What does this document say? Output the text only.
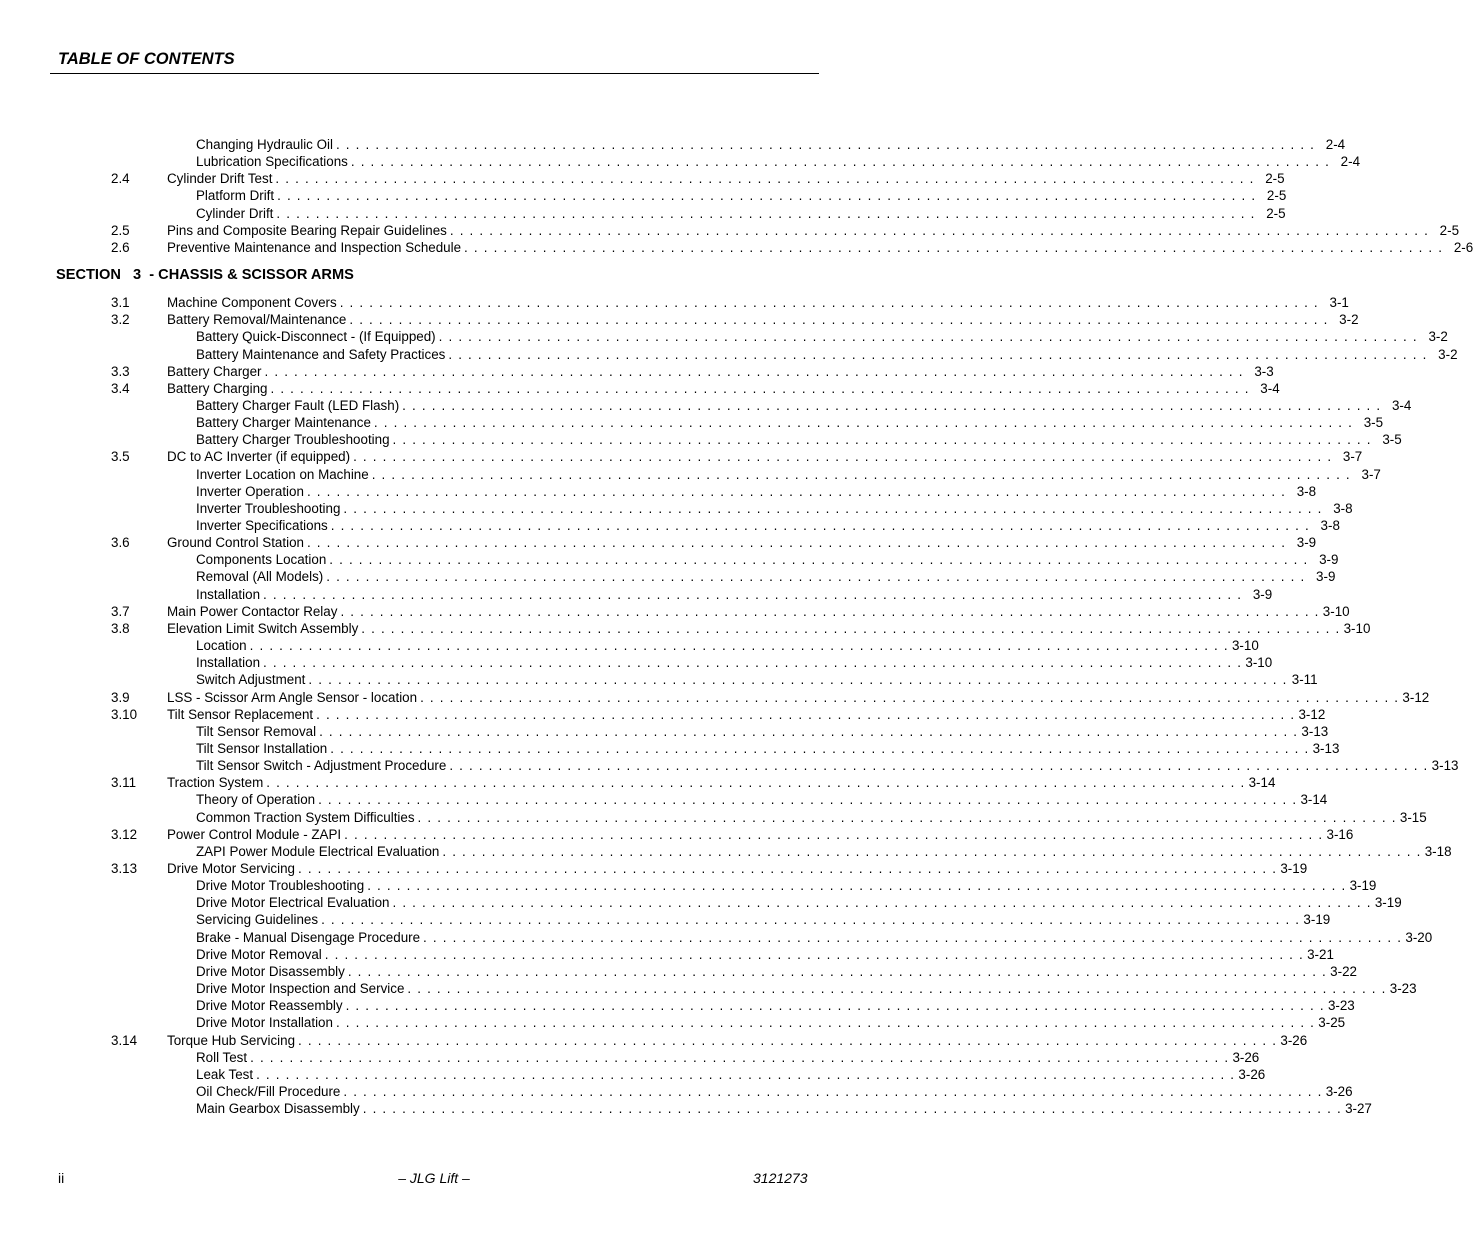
TABLE OF CONTENTS
Changing Hydraulic Oil . . . . . . . . . . . . . . . . . . . . . . . . . . . . . . . . . . . . . . . . . . . . . . . . . . . . . . . . . . . . . . . . . . . . . . . . . . . . . . . . . . . . . . . . . . . . . . . . . . . . 2-4
Lubrication Specifications . . . . . . . . . . . . . . . . . . . . . . . . . . . . . . . . . . . . . . . . . . . . . . . . . . . . . . . . . . . . . . . . . . . . . . . . . . . . . . . . . . . . . . . . . . . . . . . . . . . . 2-4
2.4	Cylinder Drift Test . . . . . . . . . . . . . . . . . . . . . . . . . . . . . . . . . . . . . . . . . . . . . . . . . . . . . . . . . . . . . . . . . . . . . . . . . . . . . . . . . . . . . . . . . . . . . . . . . . . . 2-5
Platform Drift . . . . . . . . . . . . . . . . . . . . . . . . . . . . . . . . . . . . . . . . . . . . . . . . . . . . . . . . . . . . . . . . . . . . . . . . . . . . . . . . . . . . . . . . . . . . . . . . . . . . 2-5
Cylinder Drift . . . . . . . . . . . . . . . . . . . . . . . . . . . . . . . . . . . . . . . . . . . . . . . . . . . . . . . . . . . . . . . . . . . . . . . . . . . . . . . . . . . . . . . . . . . . . . . . . . . . 2-5
2.5	Pins and Composite Bearing Repair Guidelines . . . . . . . . . . . . . . . . . . . . . . . . . . . . . . . . . . . . . . . . . . . . . . . . . . . . . . . . . . . . . . . . . . . . . . . . . . . . . . . . . . . . . . . . . . . . . . . . . . . . 2-5
2.6	Preventive Maintenance and Inspection Schedule . . . . . . . . . . . . . . . . . . . . . . . . . . . . . . . . . . . . . . . . . . . . . . . . . . . . . . . . . . . . . . . . . . . . . . . . . . . . . . . . . . . . . . . . . . . . . . . . . . . . 2-6
SECTION   3  - CHASSIS & SCISSOR ARMS
3.1	Machine Component Covers . . . . . . . . . . . . . . . . . . . . . . . . . . . . . . . . . . . . . . . . . . . . . . . . . . . . . . . . . . . . . . . . . . . . . . . . . . . . . . . . . . . . . . . . . . . . . . . . . . . . 3-1
3.2	Battery Removal/Maintenance . . . . . . . . . . . . . . . . . . . . . . . . . . . . . . . . . . . . . . . . . . . . . . . . . . . . . . . . . . . . . . . . . . . . . . . . . . . . . . . . . . . . . . . . . . . . . . . . . . . . 3-2
Battery Quick-Disconnect - (If Equipped) . . . . . . . . . . . . . . . . . . . . . . . . . . . . . . . . . . . . . . . . . . . . . . . . . . . . . . . . . . . . . . . . . . . . . . . . . . . . . . . . . . . . . . . . . . . . . . . . . . . . 3-2
Battery Maintenance and Safety Practices . . . . . . . . . . . . . . . . . . . . . . . . . . . . . . . . . . . . . . . . . . . . . . . . . . . . . . . . . . . . . . . . . . . . . . . . . . . . . . . . . . . . . . . . . . . . . . . . . . . . 3-2
3.3	Battery Charger . . . . . . . . . . . . . . . . . . . . . . . . . . . . . . . . . . . . . . . . . . . . . . . . . . . . . . . . . . . . . . . . . . . . . . . . . . . . . . . . . . . . . . . . . . . . . . . . . . . . 3-3
3.4	Battery Charging . . . . . . . . . . . . . . . . . . . . . . . . . . . . . . . . . . . . . . . . . . . . . . . . . . . . . . . . . . . . . . . . . . . . . . . . . . . . . . . . . . . . . . . . . . . . . . . . . . . . 3-4
Battery Charger Fault (LED Flash) . . . . . . . . . . . . . . . . . . . . . . . . . . . . . . . . . . . . . . . . . . . . . . . . . . . . . . . . . . . . . . . . . . . . . . . . . . . . . . . . . . . . . . . . . . . . . . . . . . . . 3-4
Battery Charger Maintenance . . . . . . . . . . . . . . . . . . . . . . . . . . . . . . . . . . . . . . . . . . . . . . . . . . . . . . . . . . . . . . . . . . . . . . . . . . . . . . . . . . . . . . . . . . . . . . . . . . . . 3-5
Battery Charger Troubleshooting . . . . . . . . . . . . . . . . . . . . . . . . . . . . . . . . . . . . . . . . . . . . . . . . . . . . . . . . . . . . . . . . . . . . . . . . . . . . . . . . . . . . . . . . . . . . . . . . . . . . 3-5
3.5	DC to AC Inverter (if equipped) . . . . . . . . . . . . . . . . . . . . . . . . . . . . . . . . . . . . . . . . . . . . . . . . . . . . . . . . . . . . . . . . . . . . . . . . . . . . . . . . . . . . . . . . . . . . . . . . . . . . 3-7
Inverter Location on Machine . . . . . . . . . . . . . . . . . . . . . . . . . . . . . . . . . . . . . . . . . . . . . . . . . . . . . . . . . . . . . . . . . . . . . . . . . . . . . . . . . . . . . . . . . . . . . . . . . . . . 3-7
Inverter Operation . . . . . . . . . . . . . . . . . . . . . . . . . . . . . . . . . . . . . . . . . . . . . . . . . . . . . . . . . . . . . . . . . . . . . . . . . . . . . . . . . . . . . . . . . . . . . . . . . . . . 3-8
Inverter Troubleshooting . . . . . . . . . . . . . . . . . . . . . . . . . . . . . . . . . . . . . . . . . . . . . . . . . . . . . . . . . . . . . . . . . . . . . . . . . . . . . . . . . . . . . . . . . . . . . . . . . . . . 3-8
Inverter Specifications . . . . . . . . . . . . . . . . . . . . . . . . . . . . . . . . . . . . . . . . . . . . . . . . . . . . . . . . . . . . . . . . . . . . . . . . . . . . . . . . . . . . . . . . . . . . . . . . . . . . 3-8
3.6	Ground Control Station . . . . . . . . . . . . . . . . . . . . . . . . . . . . . . . . . . . . . . . . . . . . . . . . . . . . . . . . . . . . . . . . . . . . . . . . . . . . . . . . . . . . . . . . . . . . . . . . . . . . 3-9
Components Location . . . . . . . . . . . . . . . . . . . . . . . . . . . . . . . . . . . . . . . . . . . . . . . . . . . . . . . . . . . . . . . . . . . . . . . . . . . . . . . . . . . . . . . . . . . . . . . . . . . . 3-9
Removal (All Models) . . . . . . . . . . . . . . . . . . . . . . . . . . . . . . . . . . . . . . . . . . . . . . . . . . . . . . . . . . . . . . . . . . . . . . . . . . . . . . . . . . . . . . . . . . . . . . . . . . . . 3-9
Installation . . . . . . . . . . . . . . . . . . . . . . . . . . . . . . . . . . . . . . . . . . . . . . . . . . . . . . . . . . . . . . . . . . . . . . . . . . . . . . . . . . . . . . . . . . . . . . . . . . . . 3-9
3.7	Main Power Contactor Relay . . . . . . . . . . . . . . . . . . . . . . . . . . . . . . . . . . . . . . . . . . . . . . . . . . . . . . . . . . . . . . . . . . . . . . . . . . . . . . . . . . . . . . . . . . . . . . . . . . . . 3-10
3.8	Elevation Limit Switch Assembly . . . . . . . . . . . . . . . . . . . . . . . . . . . . . . . . . . . . . . . . . . . . . . . . . . . . . . . . . . . . . . . . . . . . . . . . . . . . . . . . . . . . . . . . . . . . . . . . . . . . 3-10
Location . . . . . . . . . . . . . . . . . . . . . . . . . . . . . . . . . . . . . . . . . . . . . . . . . . . . . . . . . . . . . . . . . . . . . . . . . . . . . . . . . . . . . . . . . . . . . . . . . . . . 3-10
Installation . . . . . . . . . . . . . . . . . . . . . . . . . . . . . . . . . . . . . . . . . . . . . . . . . . . . . . . . . . . . . . . . . . . . . . . . . . . . . . . . . . . . . . . . . . . . . . . . . . . . 3-10
Switch Adjustment . . . . . . . . . . . . . . . . . . . . . . . . . . . . . . . . . . . . . . . . . . . . . . . . . . . . . . . . . . . . . . . . . . . . . . . . . . . . . . . . . . . . . . . . . . . . . . . . . . . . 3-11
3.9	LSS - Scissor Arm Angle Sensor - location . . . . . . . . . . . . . . . . . . . . . . . . . . . . . . . . . . . . . . . . . . . . . . . . . . . . . . . . . . . . . . . . . . . . . . . . . . . . . . . . . . . . . . . . . . . . . . . . . . . . 3-12
3.10 Tilt Sensor Replacement . . . . . . . . . . . . . . . . . . . . . . . . . . . . . . . . . . . . . . . . . . . . . . . . . . . . . . . . . . . . . . . . . . . . . . . . . . . . . . . . . . . . . . . . . . . . . . . . . . . . 3-12
Tilt Sensor Removal . . . . . . . . . . . . . . . . . . . . . . . . . . . . . . . . . . . . . . . . . . . . . . . . . . . . . . . . . . . . . . . . . . . . . . . . . . . . . . . . . . . . . . . . . . . . . . . . . . . . 3-13
Tilt Sensor Installation . . . . . . . . . . . . . . . . . . . . . . . . . . . . . . . . . . . . . . . . . . . . . . . . . . . . . . . . . . . . . . . . . . . . . . . . . . . . . . . . . . . . . . . . . . . . . . . . . . . . 3-13
Tilt Sensor Switch - Adjustment Procedure . . . . . . . . . . . . . . . . . . . . . . . . . . . . . . . . . . . . . . . . . . . . . . . . . . . . . . . . . . . . . . . . . . . . . . . . . . . . . . . . . . . . . . . . . . . . . . . . . . . . 3-13
3.11 Traction System . . . . . . . . . . . . . . . . . . . . . . . . . . . . . . . . . . . . . . . . . . . . . . . . . . . . . . . . . . . . . . . . . . . . . . . . . . . . . . . . . . . . . . . . . . . . . . . . . . . . 3-14
Theory of Operation . . . . . . . . . . . . . . . . . . . . . . . . . . . . . . . . . . . . . . . . . . . . . . . . . . . . . . . . . . . . . . . . . . . . . . . . . . . . . . . . . . . . . . . . . . . . . . . . . . . . 3-14
Common Traction System Difficulties . . . . . . . . . . . . . . . . . . . . . . . . . . . . . . . . . . . . . . . . . . . . . . . . . . . . . . . . . . . . . . . . . . . . . . . . . . . . . . . . . . . . . . . . . . . . . . . . . . . . 3-15
3.12 Power Control Module - ZAPI . . . . . . . . . . . . . . . . . . . . . . . . . . . . . . . . . . . . . . . . . . . . . . . . . . . . . . . . . . . . . . . . . . . . . . . . . . . . . . . . . . . . . . . . . . . . . . . . . . . . 3-16
ZAPI Power Module Electrical Evaluation . . . . . . . . . . . . . . . . . . . . . . . . . . . . . . . . . . . . . . . . . . . . . . . . . . . . . . . . . . . . . . . . . . . . . . . . . . . . . . . . . . . . . . . . . . . . . . . . . . . . 3-18
3.13 Drive Motor Servicing . . . . . . . . . . . . . . . . . . . . . . . . . . . . . . . . . . . . . . . . . . . . . . . . . . . . . . . . . . . . . . . . . . . . . . . . . . . . . . . . . . . . . . . . . . . . . . . . . . . . 3-19
Drive Motor Troubleshooting . . . . . . . . . . . . . . . . . . . . . . . . . . . . . . . . . . . . . . . . . . . . . . . . . . . . . . . . . . . . . . . . . . . . . . . . . . . . . . . . . . . . . . . . . . . . . . . . . . . . 3-19
Drive Motor Electrical Evaluation . . . . . . . . . . . . . . . . . . . . . . . . . . . . . . . . . . . . . . . . . . . . . . . . . . . . . . . . . . . . . . . . . . . . . . . . . . . . . . . . . . . . . . . . . . . . . . . . . . . . 3-19
Servicing Guidelines . . . . . . . . . . . . . . . . . . . . . . . . . . . . . . . . . . . . . . . . . . . . . . . . . . . . . . . . . . . . . . . . . . . . . . . . . . . . . . . . . . . . . . . . . . . . . . . . . . . . 3-19
Brake - Manual Disengage Procedure . . . . . . . . . . . . . . . . . . . . . . . . . . . . . . . . . . . . . . . . . . . . . . . . . . . . . . . . . . . . . . . . . . . . . . . . . . . . . . . . . . . . . . . . . . . . . . . . . . . . 3-20
Drive Motor Removal . . . . . . . . . . . . . . . . . . . . . . . . . . . . . . . . . . . . . . . . . . . . . . . . . . . . . . . . . . . . . . . . . . . . . . . . . . . . . . . . . . . . . . . . . . . . . . . . . . . . 3-21
Drive Motor Disassembly . . . . . . . . . . . . . . . . . . . . . . . . . . . . . . . . . . . . . . . . . . . . . . . . . . . . . . . . . . . . . . . . . . . . . . . . . . . . . . . . . . . . . . . . . . . . . . . . . . . . 3-22
Drive Motor Inspection and Service . . . . . . . . . . . . . . . . . . . . . . . . . . . . . . . . . . . . . . . . . . . . . . . . . . . . . . . . . . . . . . . . . . . . . . . . . . . . . . . . . . . . . . . . . . . . . . . . . . . . 3-23
Drive Motor Reassembly . . . . . . . . . . . . . . . . . . . . . . . . . . . . . . . . . . . . . . . . . . . . . . . . . . . . . . . . . . . . . . . . . . . . . . . . . . . . . . . . . . . . . . . . . . . . . . . . . . . . 3-23
Drive Motor Installation . . . . . . . . . . . . . . . . . . . . . . . . . . . . . . . . . . . . . . . . . . . . . . . . . . . . . . . . . . . . . . . . . . . . . . . . . . . . . . . . . . . . . . . . . . . . . . . . . . . . 3-25
3.14 Torque Hub Servicing . . . . . . . . . . . . . . . . . . . . . . . . . . . . . . . . . . . . . . . . . . . . . . . . . . . . . . . . . . . . . . . . . . . . . . . . . . . . . . . . . . . . . . . . . . . . . . . . . . . . 3-26
Roll Test . . . . . . . . . . . . . . . . . . . . . . . . . . . . . . . . . . . . . . . . . . . . . . . . . . . . . . . . . . . . . . . . . . . . . . . . . . . . . . . . . . . . . . . . . . . . . . . . . . . . 3-26
Leak Test . . . . . . . . . . . . . . . . . . . . . . . . . . . . . . . . . . . . . . . . . . . . . . . . . . . . . . . . . . . . . . . . . . . . . . . . . . . . . . . . . . . . . . . . . . . . . . . . . . . . 3-26
Oil Check/Fill Procedure . . . . . . . . . . . . . . . . . . . . . . . . . . . . . . . . . . . . . . . . . . . . . . . . . . . . . . . . . . . . . . . . . . . . . . . . . . . . . . . . . . . . . . . . . . . . . . . . . . . . 3-26
Main Gearbox Disassembly . . . . . . . . . . . . . . . . . . . . . . . . . . . . . . . . . . . . . . . . . . . . . . . . . . . . . . . . . . . . . . . . . . . . . . . . . . . . . . . . . . . . . . . . . . . . . . . . . . . . 3-27
ii	– JLG Lift –	3121273
